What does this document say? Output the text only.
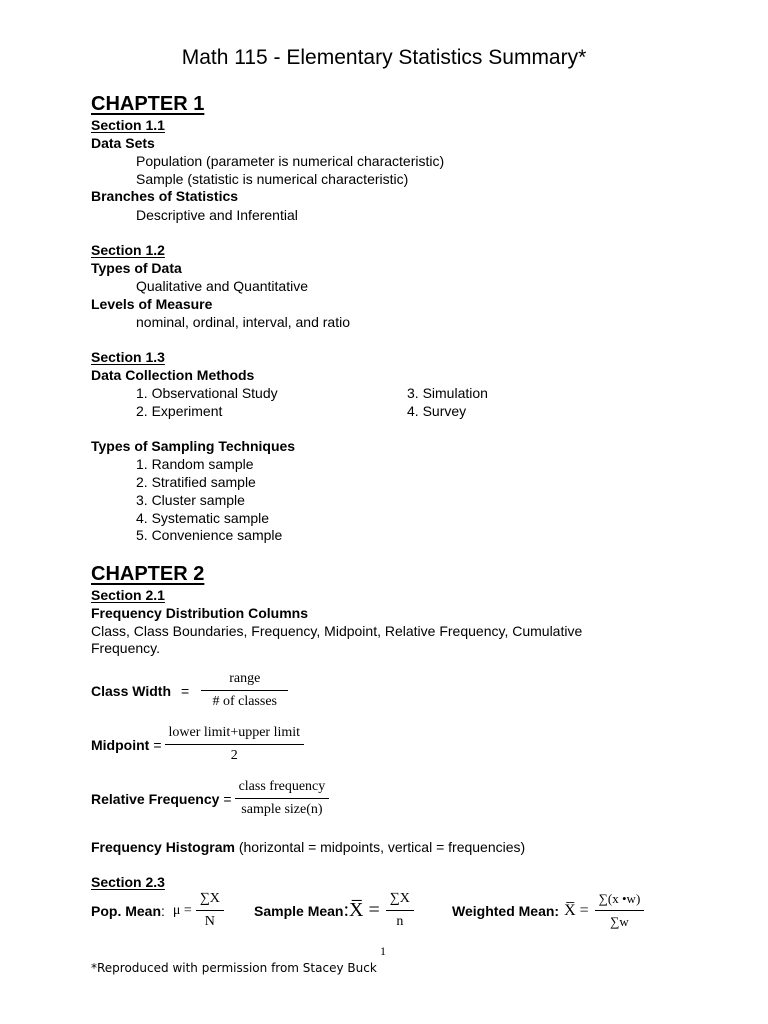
Math 115 - Elementary Statistics Summary*
CHAPTER 1
Section 1.1
Data Sets
Population (parameter is numerical characteristic)
Sample (statistic is numerical characteristic)
Branches of Statistics
Descriptive and Inferential
Section 1.2
Types of Data
Qualitative and Quantitative
Levels of Measure
nominal, ordinal, interval, and ratio
Section 1.3
Data Collection Methods
1. Observational Study
2. Experiment
3. Simulation
4. Survey
Types of Sampling Techniques
1. Random sample
2. Stratified sample
3. Cluster sample
4. Systematic sample
5. Convenience sample
CHAPTER 2
Section 2.1
Frequency Distribution Columns
Class, Class Boundaries, Frequency, Midpoint, Relative Frequency, Cumulative
Frequency.
Class Width = $\frac{\text{range}}{\text{\# of classes}}$
Midpoint = $\frac{\text{lower limit+upper limit}}{2}$
Relative Frequency = $\frac{\text{class frequency}}{\text{sample size(n)}}$
Frequency Histogram (horizontal = midpoints, vertical = frequencies)
Section 2.3
Pop. Mean : $\mu = \frac{\sum X}{N}$ Sample Mean :X̅ = $\frac{\sum X}{n}$	Weighted Mean: X̅ = $\frac{\sum(x •w)}{\sum w}$
1
*Reproduced with permission from Stacey Buck
